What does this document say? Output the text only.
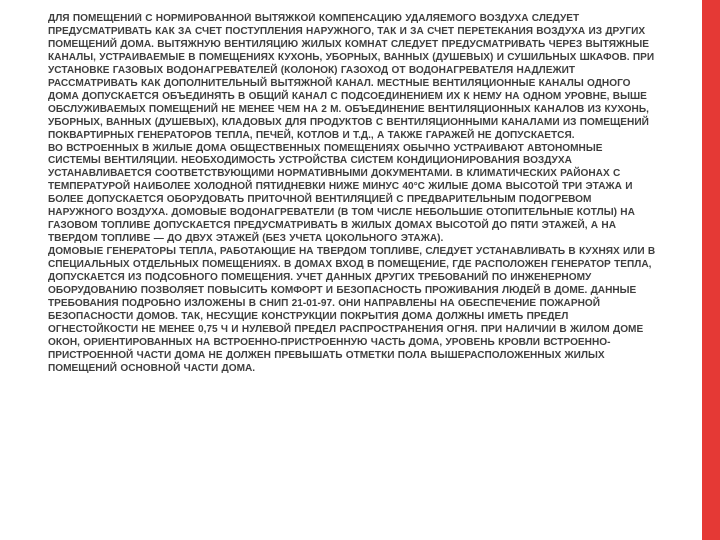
ДЛЯ ПОМЕЩЕНИЙ С НОРМИРОВАННОЙ ВЫТЯЖКОЙ КОМПЕНСАЦИЮ УДАЛЯЕМОГО ВОЗДУХА СЛЕДУЕТ ПРЕДУСМАТРИВАТЬ КАК ЗА СЧЕТ ПОСТУПЛЕНИЯ НАРУЖНОГО, ТАК И ЗА СЧЕТ ПЕРЕТЕКАНИЯ ВОЗДУХА ИЗ ДРУГИХ ПОМЕЩЕНИЙ ДОМА. ВЫТЯЖНУЮ ВЕНТИЛЯЦИЮ ЖИЛЫХ КОМНАТ СЛЕДУЕТ ПРЕДУСМАТРИВАТЬ ЧЕРЕЗ ВЫТЯЖНЫЕ КАНАЛЫ, УСТРАИВАЕМЫЕ В ПОМЕЩЕНИЯХ КУХОНЬ, УБОРНЫХ, ВАННЫХ (ДУШЕВЫХ) И СУШИЛЬНЫХ ШКАФОВ. ПРИ УСТАНОВКЕ ГАЗОВЫХ ВОДОНАГРЕВАТЕЛЕЙ (КОЛОНОК) ГАЗОХОД ОТ ВОДОНАГРЕВАТЕЛЯ НАДЛЕЖИТ РАССМАТРИВАТЬ КАК ДОПОЛНИТЕЛЬНЫЙ ВЫТЯЖНОЙ КАНАЛ. МЕСТНЫЕ ВЕНТИЛЯЦИОННЫЕ КАНАЛЫ ОДНОГО ДОМА ДОПУСКАЕТСЯ ОБЪЕДИНЯТЬ В ОБЩИЙ КАНАЛ С ПОДСОЕДИНЕНИЕМ ИХ К НЕМУ НА ОДНОМ УРОВНЕ, ВЫШЕ ОБСЛУЖИВАЕМЫХ ПОМЕЩЕНИЙ НЕ МЕНЕЕ ЧЕМ НА 2 М. ОБЪЕДИНЕНИЕ ВЕНТИЛЯЦИОННЫХ КАНАЛОВ ИЗ КУХОНЬ, УБОРНЫХ, ВАННЫХ (ДУШЕВЫХ), КЛАДОВЫХ ДЛЯ ПРОДУКТОВ С ВЕНТИЛЯЦИОННЫМИ КАНАЛАМИ ИЗ ПОМЕЩЕНИЙ ПОКВАРТИРНЫХ ГЕНЕРАТОРОВ ТЕПЛА, ПЕЧЕЙ, КОТЛОВ И Т.Д., А ТАКЖЕ ГАРАЖЕЙ НЕ ДОПУСКАЕТСЯ.

ВО ВСТРОЕННЫХ В ЖИЛЫЕ ДОМА ОБЩЕСТВЕННЫХ ПОМЕЩЕНИЯХ ОБЫЧНО УСТРАИВАЮТ АВТОНОМНЫЕ СИСТЕМЫ ВЕНТИЛЯЦИИ. НЕОБХОДИМОСТЬ УСТРОЙСТВА СИСТЕМ КОНДИЦИОНИРОВАНИЯ ВОЗДУХА УСТАНАВЛИВАЕТСЯ СООТВЕТСТВУЮЩИМИ НОРМАТИВНЫМИ ДОКУМЕНТАМИ. В КЛИМАТИЧЕСКИХ РАЙОНАХ С ТЕМПЕРАТУРОЙ НАИБОЛЕЕ ХОЛОДНОЙ ПЯТИДНЕВКИ НИЖЕ МИНУС 40°С ЖИЛЫЕ ДОМА ВЫСОТОЙ ТРИ ЭТАЖА И БОЛЕЕ ДОПУСКАЕТСЯ ОБОРУДОВАТЬ ПРИТОЧНОЙ ВЕНТИЛЯЦИЕЙ С ПРЕДВАРИТЕЛЬНЫМ ПОДОГРЕВОМ НАРУЖНОГО ВОЗДУХА. ДОМОВЫЕ ВОДОНАГРЕВАТЕЛИ (В ТОМ ЧИСЛЕ НЕБОЛЬШИЕ ОТОПИТЕЛЬНЫЕ КОТЛЫ) НА ГАЗОВОМ ТОПЛИВЕ ДОПУСКАЕТСЯ ПРЕДУСМАТРИВАТЬ В ЖИЛЫХ ДОМАХ ВЫСОТОЙ ДО ПЯТИ ЭТАЖЕЙ, А НА ТВЕРДОМ ТОПЛИВЕ — ДО ДВУХ ЭТАЖЕЙ (БЕЗ УЧЕТА ЦОКОЛЬНОГО ЭТАЖА).

ДОМОВЫЕ ГЕНЕРАТОРЫ ТЕПЛА, РАБОТАЮЩИЕ НА ТВЕРДОМ ТОПЛИВЕ, СЛЕДУЕТ УСТАНАВЛИВАТЬ В КУХНЯХ ИЛИ В СПЕЦИАЛЬНЫХ ОТДЕЛЬНЫХ ПОМЕЩЕНИЯХ. В ДОМАХ ВХОД В ПОМЕЩЕНИЕ, ГДЕ РАСПОЛОЖЕН ГЕНЕРАТОР ТЕПЛА, ДОПУСКАЕТСЯ ИЗ ПОДСОБНОГО ПОМЕЩЕНИЯ. УЧЕТ ДАННЫХ ДРУГИХ ТРЕБОВАНИЙ ПО ИНЖЕНЕРНОМУ ОБОРУДОВАНИЮ ПОЗВОЛЯЕТ ПОВЫСИТЬ КОМФОРТ И БЕЗОПАСНОСТЬ ПРОЖИВАНИЯ ЛЮДЕЙ В ДОМЕ. ДАННЫЕ ТРЕБОВАНИЯ ПОДРОБНО ИЗЛОЖЕНЫ В СНИП 21-01-97. ОНИ НАПРАВЛЕНЫ НА ОБЕСПЕЧЕНИЕ ПОЖАРНОЙ БЕЗОПАСНОСТИ ДОМОВ. ТАК, НЕСУЩИЕ КОНСТРУКЦИИ ПОКРЫТИЯ ДОМА ДОЛЖНЫ ИМЕТЬ ПРЕДЕЛ ОГНЕСТОЙКОСТИ НЕ МЕНЕЕ 0,75 Ч И НУЛЕВОЙ ПРЕДЕЛ РАСПРОСТРАНЕНИЯ ОГНЯ. ПРИ НАЛИЧИИ В ЖИЛОМ ДОМЕ ОКОН, ОРИЕНТИРОВАННЫХ НА ВСТРОЕННО-ПРИСТРОЕННУЮ ЧАСТЬ ДОМА, УРОВЕНЬ КРОВЛИ ВСТРОЕННО-ПРИСТРОЕННОЙ ЧАСТИ ДОМА НЕ ДОЛЖЕН ПРЕВЫШАТЬ ОТМЕТКИ ПОЛА ВЫШЕРАСПОЛОЖЕННЫХ ЖИЛЫХ ПОМЕЩЕНИЙ ОСНОВНОЙ ЧАСТИ ДОМА.
